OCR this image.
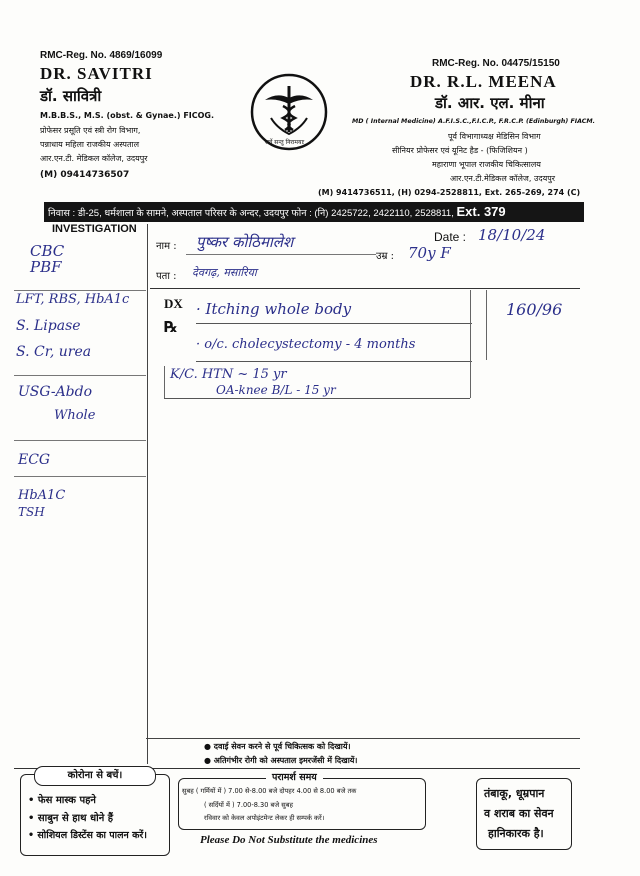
RMC-Reg. No. 4869/16099
DR. SAVITRI
डॉ. सावित्री
M.B.B.S., M.S. (obst. & Gynae.) FICOG.
प्रोफेसर प्रसूति एवं स्त्री रोग विभाग,
पन्नाधाय महिला राजकीय अस्पताल
आर.एन.टी. मेडिकल कॉलेज, उदयपुर
(M) 09414736507
सर्वे सन्तु निरामयाः
RMC-Reg. No. 04475/15150
DR. R.L. MEENA
डॉ. आर. एल. मीना
MD ( Internal Medicine) A.F.I.S.C.,F.I.C.P., F.R.C.P. (Edinburgh) FIACM.
पूर्व विभागाध्यक्ष मेडिसिन विभाग
सीनियर प्रोफेसर एवं यूनिट हैड - (फिजिशियन )
महाराणा भूपाल राजकीय चिकित्सालय
आर.एन.टी.मेडिकल कॉलेज, उदयपुर
(M) 9414736511, (H) 0294-2528811, Ext. 265-269, 274 (C)
निवास : डी-25, धर्मशाला के सामने, अस्पताल परिसर के अन्दर, उदयपुर फोन : (नि) 2425722, 2422110, 2528811, Ext. 379
INVESTIGATION
CBC
PBF
LFT, RBS, HbA1c
S. Lipase
S. Cr, urea
USG-Abdo
Whole
ECG
HbA1C
TSH
नाम : पुष्कर कोठिमालेश
उम्र : 70y F
Date : 18/10/24
पता : देवगढ़, मसारिया
DX
℞
· Itching whole body
· o/c. cholecystectomy - 4 months
K/C. HTN ~ 15 yr
OA-knee B/L - 15 yr
160/96
● दवाई सेवन करने से पूर्व चिकित्सक को दिखायें।
● अतिगंभीर रोगी को अस्पताल इमरजेंसी में दिखायें।
कोरोना से बचें।
• फेस मास्क पहने
• साबुन से हाथ धोने हैं
• सोशियल डिस्टेंस का पालन करें।
परामर्श समय
सुबह ( गर्मियों में ) 7.00 से-8.00 बजे दोपहर 4.00 से 8.00 बजे तक
( सर्दियों में ) 7.00-8.30 बजे सुबह
रविवार को केवल अपोइंटमेन्ट लेकर ही सम्पर्क करें।
Please Do Not Substitute the medicines
तंबाकू, धूम्रपान
व शराब का सेवन
हानिकारक है।
